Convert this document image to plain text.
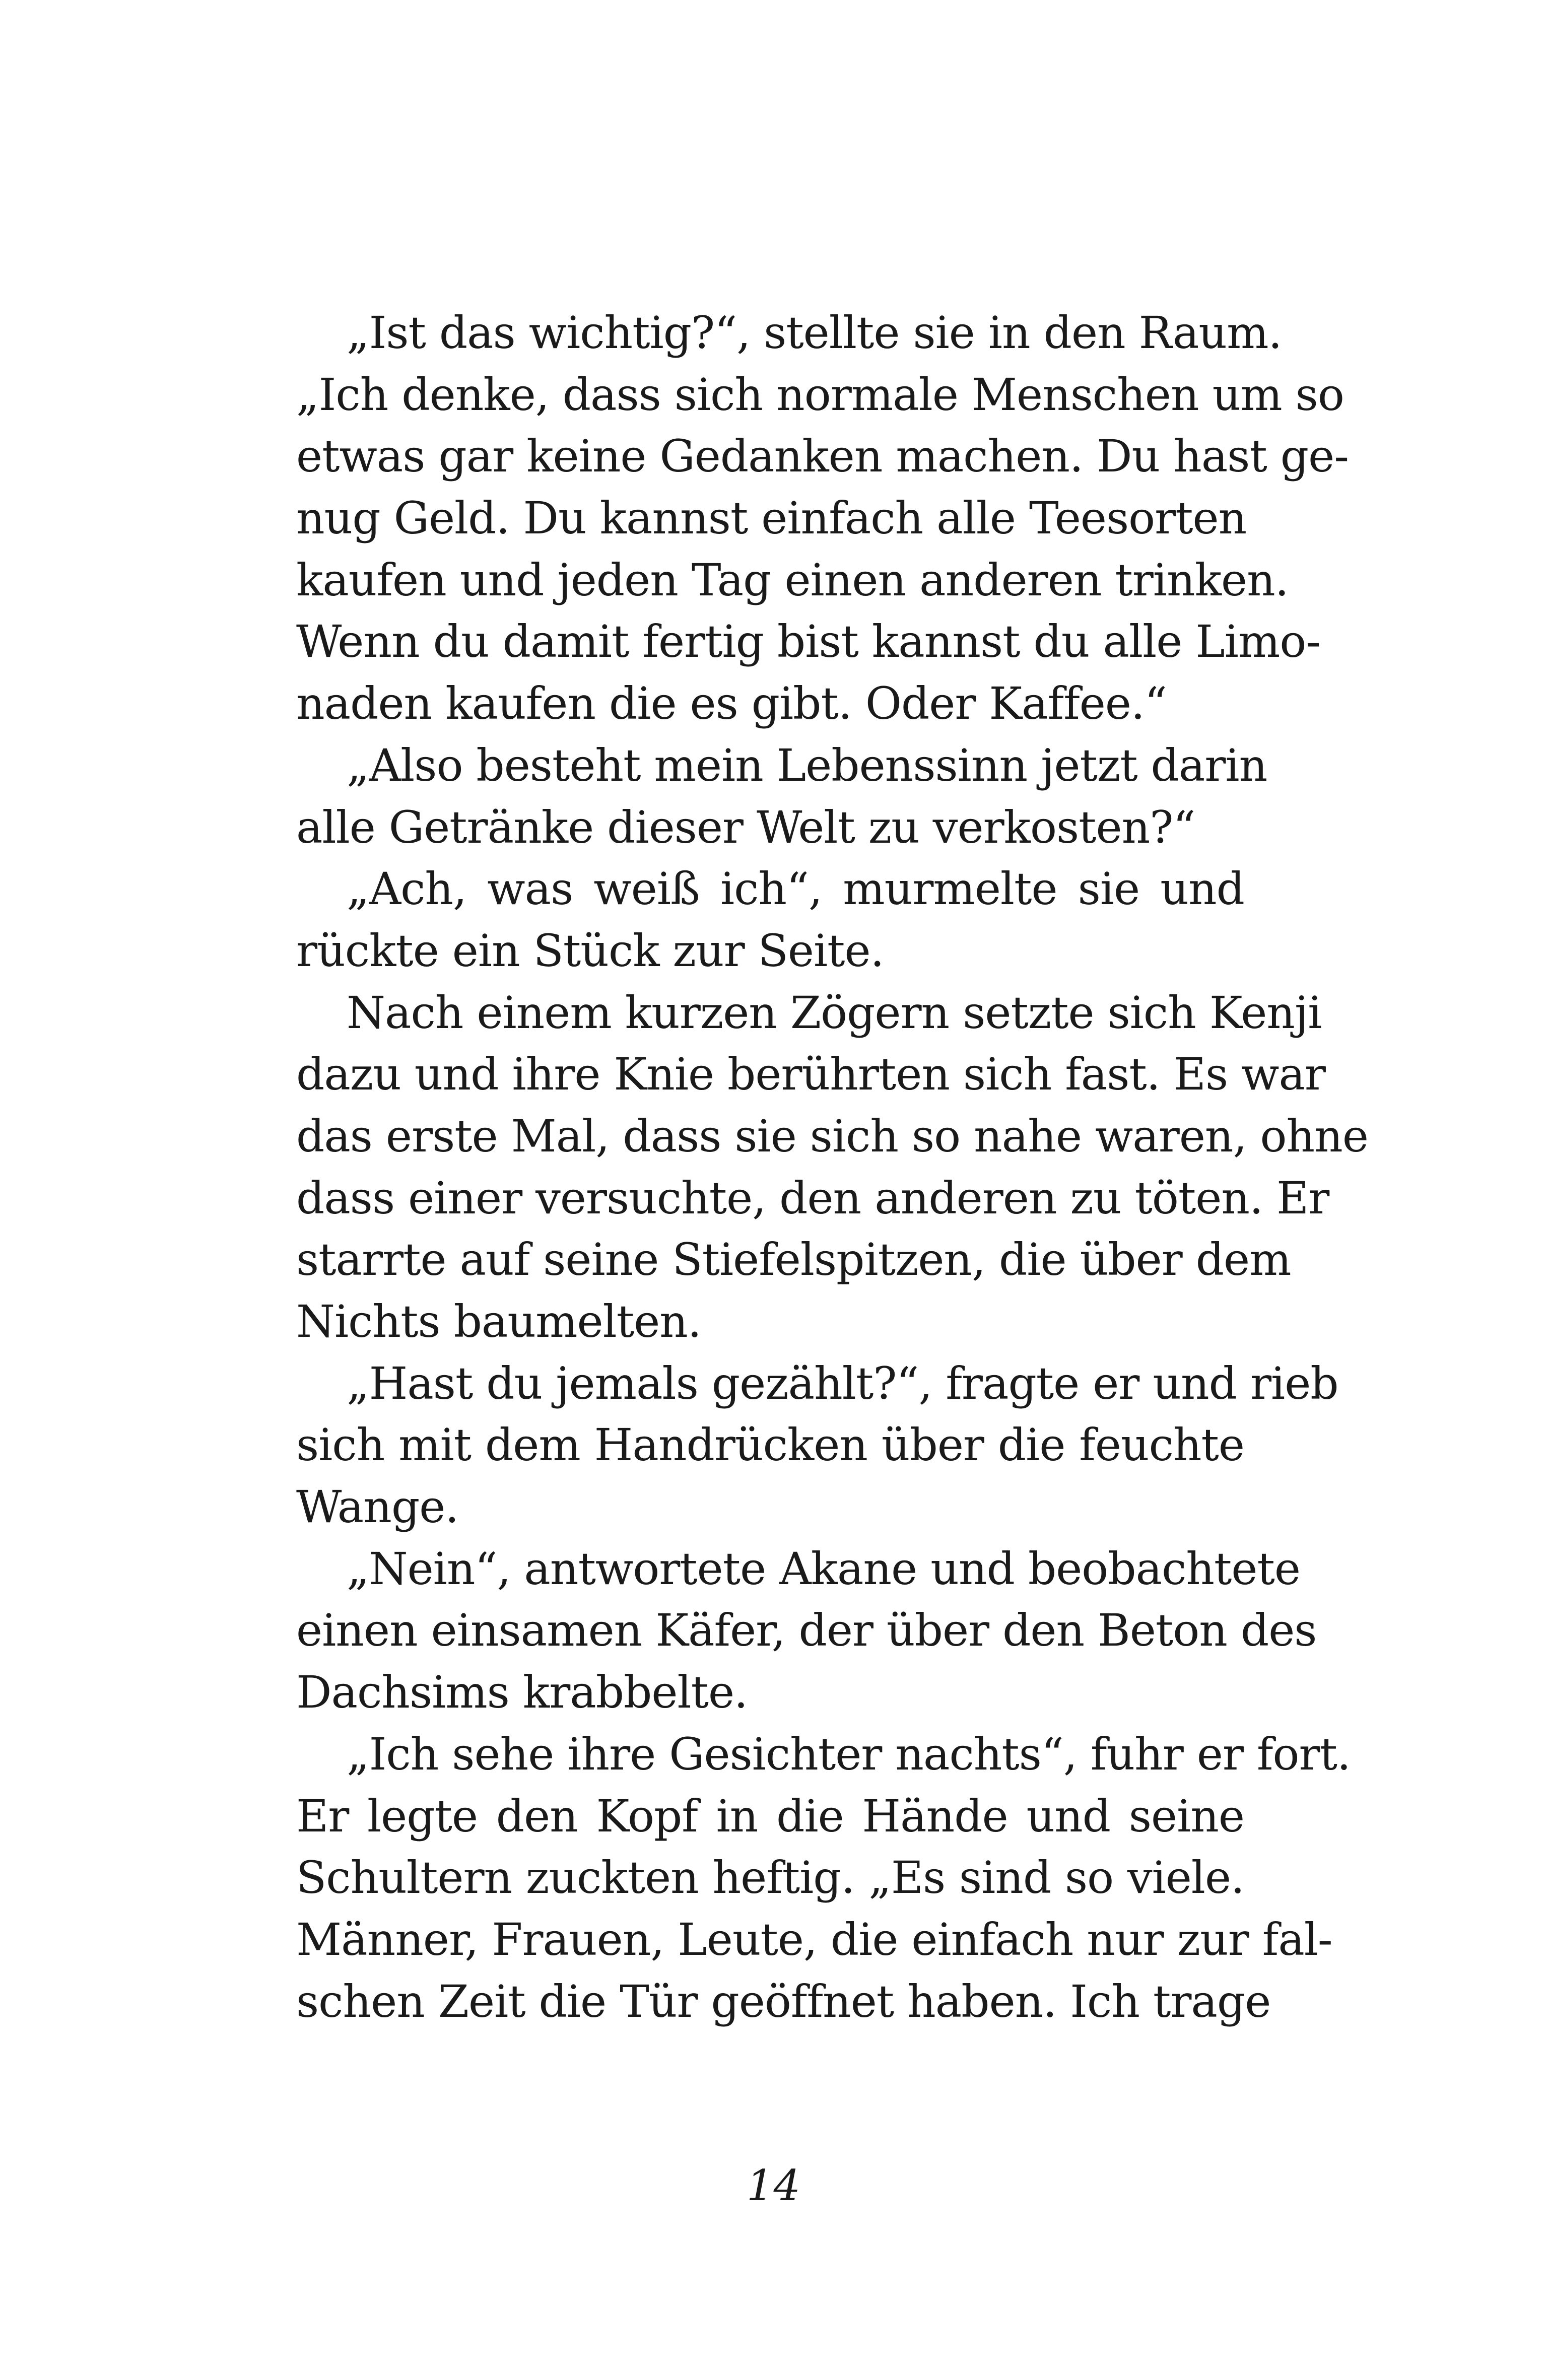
„Ist das wichtig?“, stellte sie in den Raum.
„Ich denke, dass sich normale Menschen um so
etwas gar keine Gedanken machen. Du hast ge-
nug Geld. Du kannst einfach alle Teesorten
kaufen und jeden Tag einen anderen trinken.
Wenn du damit fertig bist kannst du alle Limo-
naden kaufen die es gibt. Oder Kaffee.“
„Also besteht mein Lebenssinn jetzt darin
alle Getränke dieser Welt zu verkosten?“
„Ach, was weiß ich“, murmelte sie und
rückte ein Stück zur Seite.
Nach einem kurzen Zögern setzte sich Kenji
dazu und ihre Knie berührten sich fast. Es war
das erste Mal, dass sie sich so nahe waren, ohne
dass einer versuchte, den anderen zu töten. Er
starrte auf seine Stiefelspitzen, die über dem
Nichts baumelten.
„Hast du jemals gezählt?“, fragte er und rieb
sich mit dem Handrücken über die feuchte
Wange.
„Nein“, antwortete Akane und beobachtete
einen einsamen Käfer, der über den Beton des
Dachsims krabbelte.
„Ich sehe ihre Gesichter nachts“, fuhr er fort.
Er legte den Kopf in die Hände und seine
Schultern zuckten heftig. „Es sind so viele.
Männer, Frauen, Leute, die einfach nur zur fal-
schen Zeit die Tür geöffnet haben. Ich trage
14
